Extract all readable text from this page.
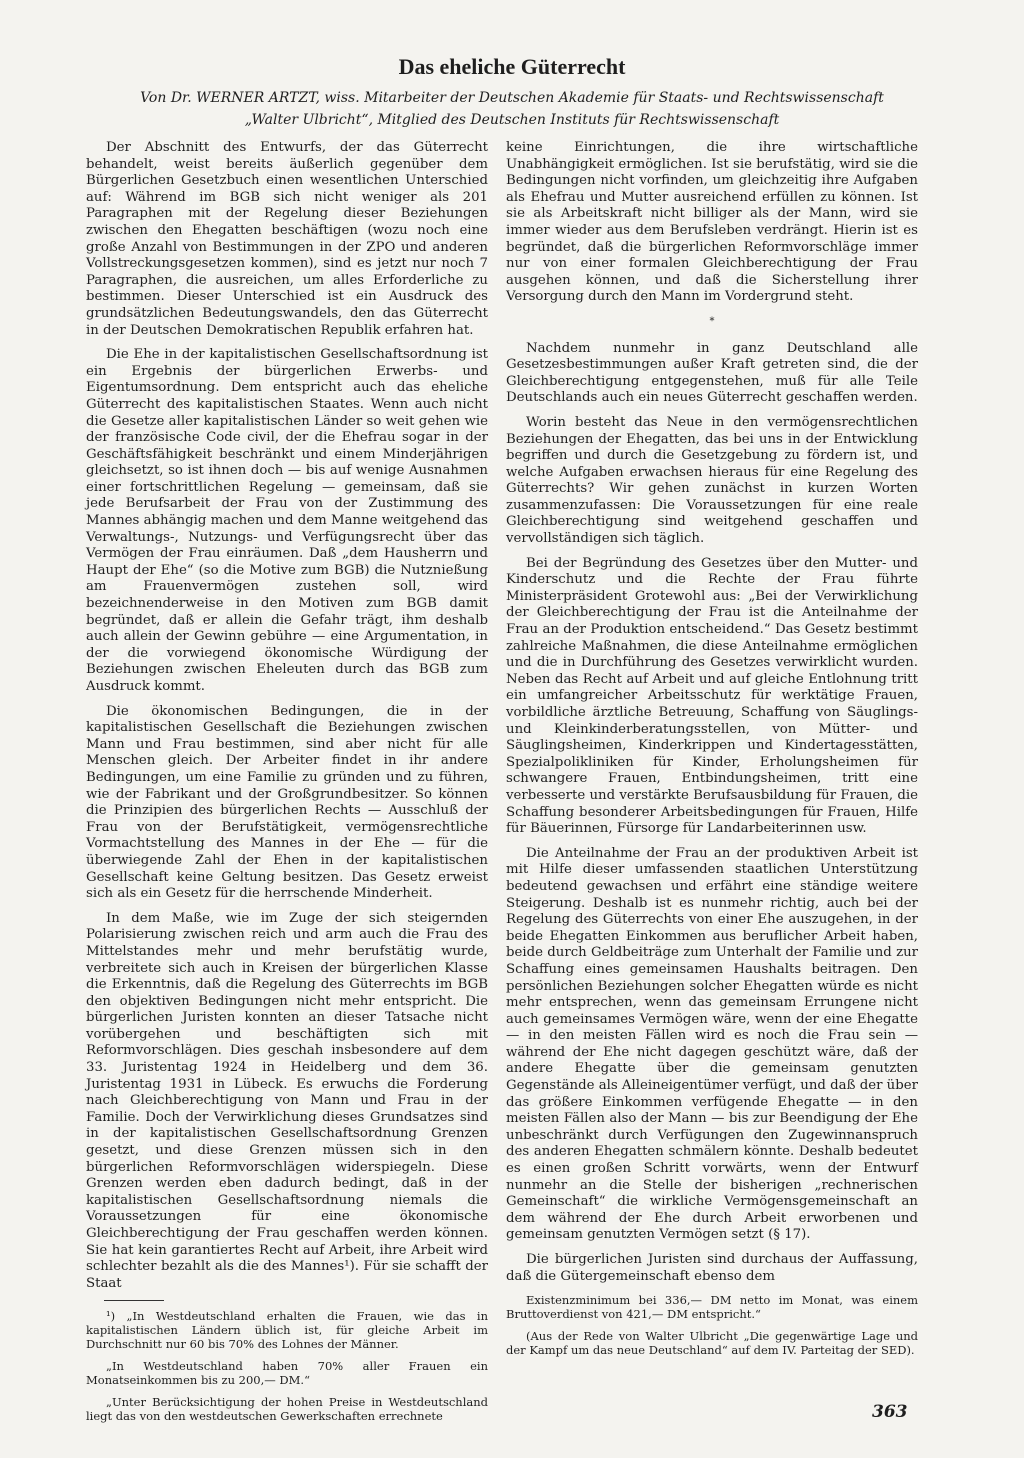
Das eheliche Güterrecht

Von Dr. WERNER ARTZT, wiss. Mitarbeiter der Deutschen Akademie für Staats- und Rechtswissenschaft

„Walter Ulbricht“, Mitglied des Deutschen Instituts für Rechtswissenschaft

Der Abschnitt des Entwurfs, der das Güterrecht behandelt, weist bereits äußerlich gegenüber dem Bürgerlichen Gesetzbuch einen wesentlichen Unterschied auf: Während im BGB sich nicht weniger als 201 Paragraphen mit der Regelung dieser Beziehungen zwischen den Ehegatten beschäftigen (wozu noch eine große Anzahl von Bestimmungen in der ZPO und anderen Vollstreckungsgesetzen kommen), sind es jetzt nur noch 7 Paragraphen, die ausreichen, um alles Erforderliche zu bestimmen. Dieser Unterschied ist ein Ausdruck des grundsätzlichen Bedeutungswandels, den das Güterrecht in der Deutschen Demokratischen Republik erfahren hat.

Die Ehe in der kapitalistischen Gesellschaftsordnung ist ein Ergebnis der bürgerlichen Erwerbs- und Eigentumsordnung. Dem entspricht auch das eheliche Güterrecht des kapitalistischen Staates. Wenn auch nicht die Gesetze aller kapitalistischen Länder so weit gehen wie der französische Code civil, der die Ehefrau sogar in der Geschäftsfähigkeit beschränkt und einem Minderjährigen gleichsetzt, so ist ihnen doch — bis auf wenige Ausnahmen einer fortschrittlichen Regelung — gemeinsam, daß sie jede Berufsarbeit der Frau von der Zustimmung des Mannes abhängig machen und dem Manne weitgehend das Verwaltungs-, Nutzungs- und Verfügungsrecht über das Vermögen der Frau einräumen. Daß „dem Hausherrn und Haupt der Ehe“ (so die Motive zum BGB) die Nutznießung am Frauenvermögen zustehen soll, wird bezeichnenderweise in den Motiven zum BGB damit begründet, daß er allein die Gefahr trägt, ihm deshalb auch allein der Gewinn gebühre — eine Argumentation, in der die vorwiegend ökonomische Würdigung der Beziehungen zwischen Eheleuten durch das BGB zum Ausdruck kommt.

Die ökonomischen Bedingungen, die in der kapitalistischen Gesellschaft die Beziehungen zwischen Mann und Frau bestimmen, sind aber nicht für alle Menschen gleich. Der Arbeiter findet in ihr andere Bedingungen, um eine Familie zu gründen und zu führen, wie der Fabrikant und der Großgrundbesitzer. So können die Prinzipien des bürgerlichen Rechts — Ausschluß der Frau von der Berufstätigkeit, vermögensrechtliche Vormachtstellung des Mannes in der Ehe — für die überwiegende Zahl der Ehen in der kapitalistischen Gesellschaft keine Geltung besitzen. Das Gesetz erweist sich als ein Gesetz für die herrschende Minderheit.

In dem Maße, wie im Zuge der sich steigernden Polarisierung zwischen reich und arm auch die Frau des Mittelstandes mehr und mehr berufstätig wurde, verbreitete sich auch in Kreisen der bürgerlichen Klasse die Erkenntnis, daß die Regelung des Güterrechts im BGB den objektiven Bedingungen nicht mehr entspricht. Die bürgerlichen Juristen konnten an dieser Tatsache nicht vorübergehen und beschäftigten sich mit Reformvorschlägen. Dies geschah insbesondere auf dem 33. Juristentag 1924 in Heidelberg und dem 36. Juristentag 1931 in Lübeck. Es erwuchs die Forderung nach Gleichberechtigung von Mann und Frau in der Familie. Doch der Verwirklichung dieses Grundsatzes sind in der kapitalistischen Gesellschaftsordnung Grenzen gesetzt, und diese Grenzen müssen sich in den bürgerlichen Reformvorschlägen widerspiegeln. Diese Grenzen werden eben dadurch bedingt, daß in der kapitalistischen Gesellschaftsordnung niemals die Voraussetzungen für eine ökonomische Gleichberechtigung der Frau geschaffen werden können. Sie hat kein garantiertes Recht auf Arbeit, ihre Arbeit wird schlechter bezahlt als die des Mannes¹). Für sie schafft der Staat

¹) „In Westdeutschland erhalten die Frauen, wie das in kapitalistischen Ländern üblich ist, für gleiche Arbeit im Durchschnitt nur 60 bis 70% des Lohnes der Männer.

„In Westdeutschland haben 70% aller Frauen ein Monatseinkommen bis zu 200,— DM.“

„Unter Berücksichtigung der hohen Preise in Westdeutschland liegt das von den westdeutschen Gewerkschaften errechnete

keine Einrichtungen, die ihre wirtschaftliche Unabhängigkeit ermöglichen. Ist sie berufstätig, wird sie die Bedingungen nicht vorfinden, um gleichzeitig ihre Aufgaben als Ehefrau und Mutter ausreichend erfüllen zu können. Ist sie als Arbeitskraft nicht billiger als der Mann, wird sie immer wieder aus dem Berufsleben verdrängt. Hierin ist es begründet, daß die bürgerlichen Reformvorschläge immer nur von einer formalen Gleichberechtigung der Frau ausgehen können, und daß die Sicherstellung ihrer Versorgung durch den Mann im Vordergrund steht.

*

Nachdem nunmehr in ganz Deutschland alle Gesetzesbestimmungen außer Kraft getreten sind, die der Gleichberechtigung entgegenstehen, muß für alle Teile Deutschlands auch ein neues Güterrecht geschaffen werden.

Worin besteht das Neue in den vermögensrechtlichen Beziehungen der Ehegatten, das bei uns in der Entwicklung begriffen und durch die Gesetzgebung zu fördern ist, und welche Aufgaben erwachsen hieraus für eine Regelung des Güterrechts? Wir gehen zunächst in kurzen Worten zusammenzufassen: Die Voraussetzungen für eine reale Gleichberechtigung sind weitgehend geschaffen und vervollständigen sich täglich.

Bei der Begründung des Gesetzes über den Mutter- und Kinderschutz und die Rechte der Frau führte Ministerpräsident Grotewohl aus: „Bei der Verwirklichung der Gleichberechtigung der Frau ist die Anteilnahme der Frau an der Produktion entscheidend.“ Das Gesetz bestimmt zahlreiche Maßnahmen, die diese Anteilnahme ermöglichen und die in Durchführung des Gesetzes verwirklicht wurden. Neben das Recht auf Arbeit und auf gleiche Entlohnung tritt ein umfangreicher Arbeitsschutz für werktätige Frauen, vorbildliche ärztliche Betreuung, Schaffung von Säuglings- und Kleinkinderberatungsstellen, von Mütter- und Säuglingsheimen, Kinderkrippen und Kindertagesstätten, Spezialpolikliniken für Kinder, Erholungsheimen für schwangere Frauen, Entbindungsheimen, tritt eine verbesserte und verstärkte Berufsausbildung für Frauen, die Schaffung besonderer Arbeitsbedingungen für Frauen, Hilfe für Bäuerinnen, Fürsorge für Landarbeiterinnen usw.

Die Anteilnahme der Frau an der produktiven Arbeit ist mit Hilfe dieser umfassenden staatlichen Unterstützung bedeutend gewachsen und erfährt eine ständige weitere Steigerung. Deshalb ist es nunmehr richtig, auch bei der Regelung des Güterrechts von einer Ehe auszugehen, in der beide Ehegatten Einkommen aus beruflicher Arbeit haben, beide durch Geldbeiträge zum Unterhalt der Familie und zur Schaffung eines gemeinsamen Haushalts beitragen. Den persönlichen Beziehungen solcher Ehegatten würde es nicht mehr entsprechen, wenn das gemeinsam Errungene nicht auch gemeinsames Vermögen wäre, wenn der eine Ehegatte — in den meisten Fällen wird es noch die Frau sein — während der Ehe nicht dagegen geschützt wäre, daß der andere Ehegatte über die gemeinsam genutzten Gegenstände als Alleineigentümer verfügt, und daß der über das größere Einkommen verfügende Ehegatte — in den meisten Fällen also der Mann — bis zur Beendigung der Ehe unbeschränkt durch Verfügungen den Zugewinnanspruch des anderen Ehegatten schmälern könnte. Deshalb bedeutet es einen großen Schritt vorwärts, wenn der Entwurf nunmehr an die Stelle der bisherigen „rechnerischen Gemeinschaft“ die wirkliche Vermögensgemeinschaft an dem während der Ehe durch Arbeit erworbenen und gemeinsam genutzten Vermögen setzt (§ 17).

Die bürgerlichen Juristen sind durchaus der Auffassung, daß die Gütergemeinschaft ebenso dem

Existenzminimum bei 336,— DM netto im Monat, was einem Bruttoverdienst von 421,— DM entspricht.“

(Aus der Rede von Walter Ulbricht „Die gegenwärtige Lage und der Kampf um das neue Deutschland“ auf dem IV. Parteitag der SED).

363
